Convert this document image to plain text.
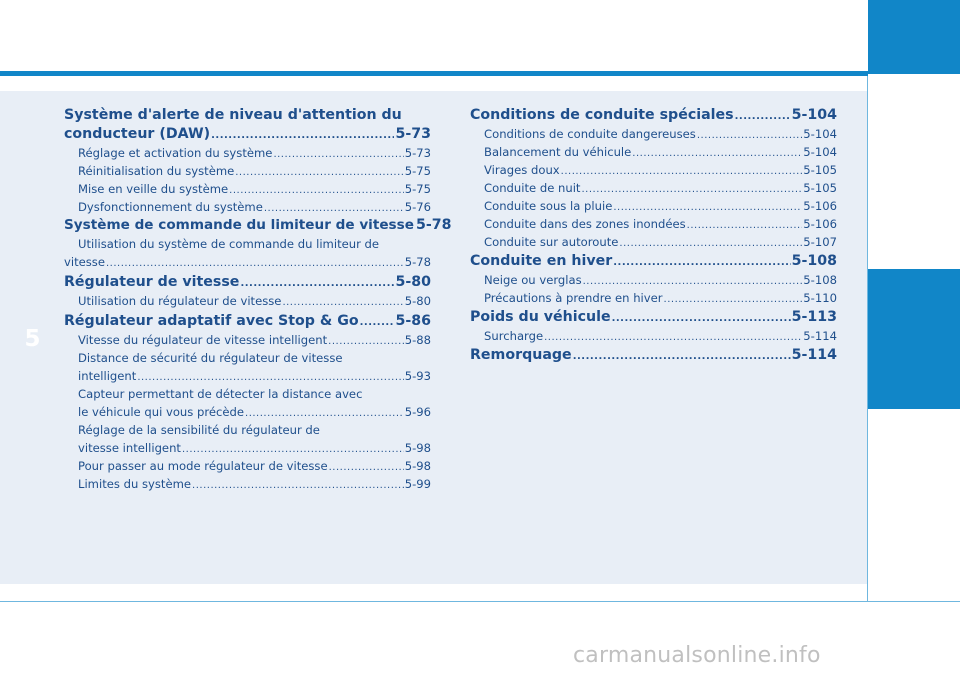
5
Système d'alerte de niveau d'attention du
conducteur (DAW) .....	5-73
Réglage et activation du système .....	5-73
Réinitialisation du système .....	5-75
Mise en veille du système .....	5-75
Dysfonctionnement du système .....	5-76
Système de commande du limiteur de vitesse 5-78
Utilisation du système de commande du limiteur de
vitesse .....	5-78
Régulateur de vitesse .....	5-80
Utilisation du régulateur de vitesse .....	5-80
Régulateur adaptatif avec Stop & Go .....	5-86
Vitesse du régulateur de vitesse intelligent .....	5-88
Distance de sécurité du régulateur de vitesse
intelligent .....	5-93
Capteur permettant de détecter la distance avec
le véhicule qui vous précède .....	5-96
Réglage de la sensibilité du régulateur de
vitesse intelligent .....	5-98
Pour passer au mode régulateur de vitesse .....	5-98
Limites du système .....	5-99
Conditions de conduite spéciales .....	5-104
Conditions de conduite dangereuses .....	5-104
Balancement du véhicule .....	5-104
Virages doux .....	5-105
Conduite de nuit .....	5-105
Conduite sous la pluie .....	5-106
Conduite dans des zones inondées .....	5-106
Conduite sur autoroute .....	5-107
Conduite en hiver .....	5-108
Neige ou verglas .....	5-108
Précautions à prendre en hiver .....	5-110
Poids du véhicule .....	5-113
Surcharge .....	5-114
Remorquage .....	5-114
carmanualsonline.info
